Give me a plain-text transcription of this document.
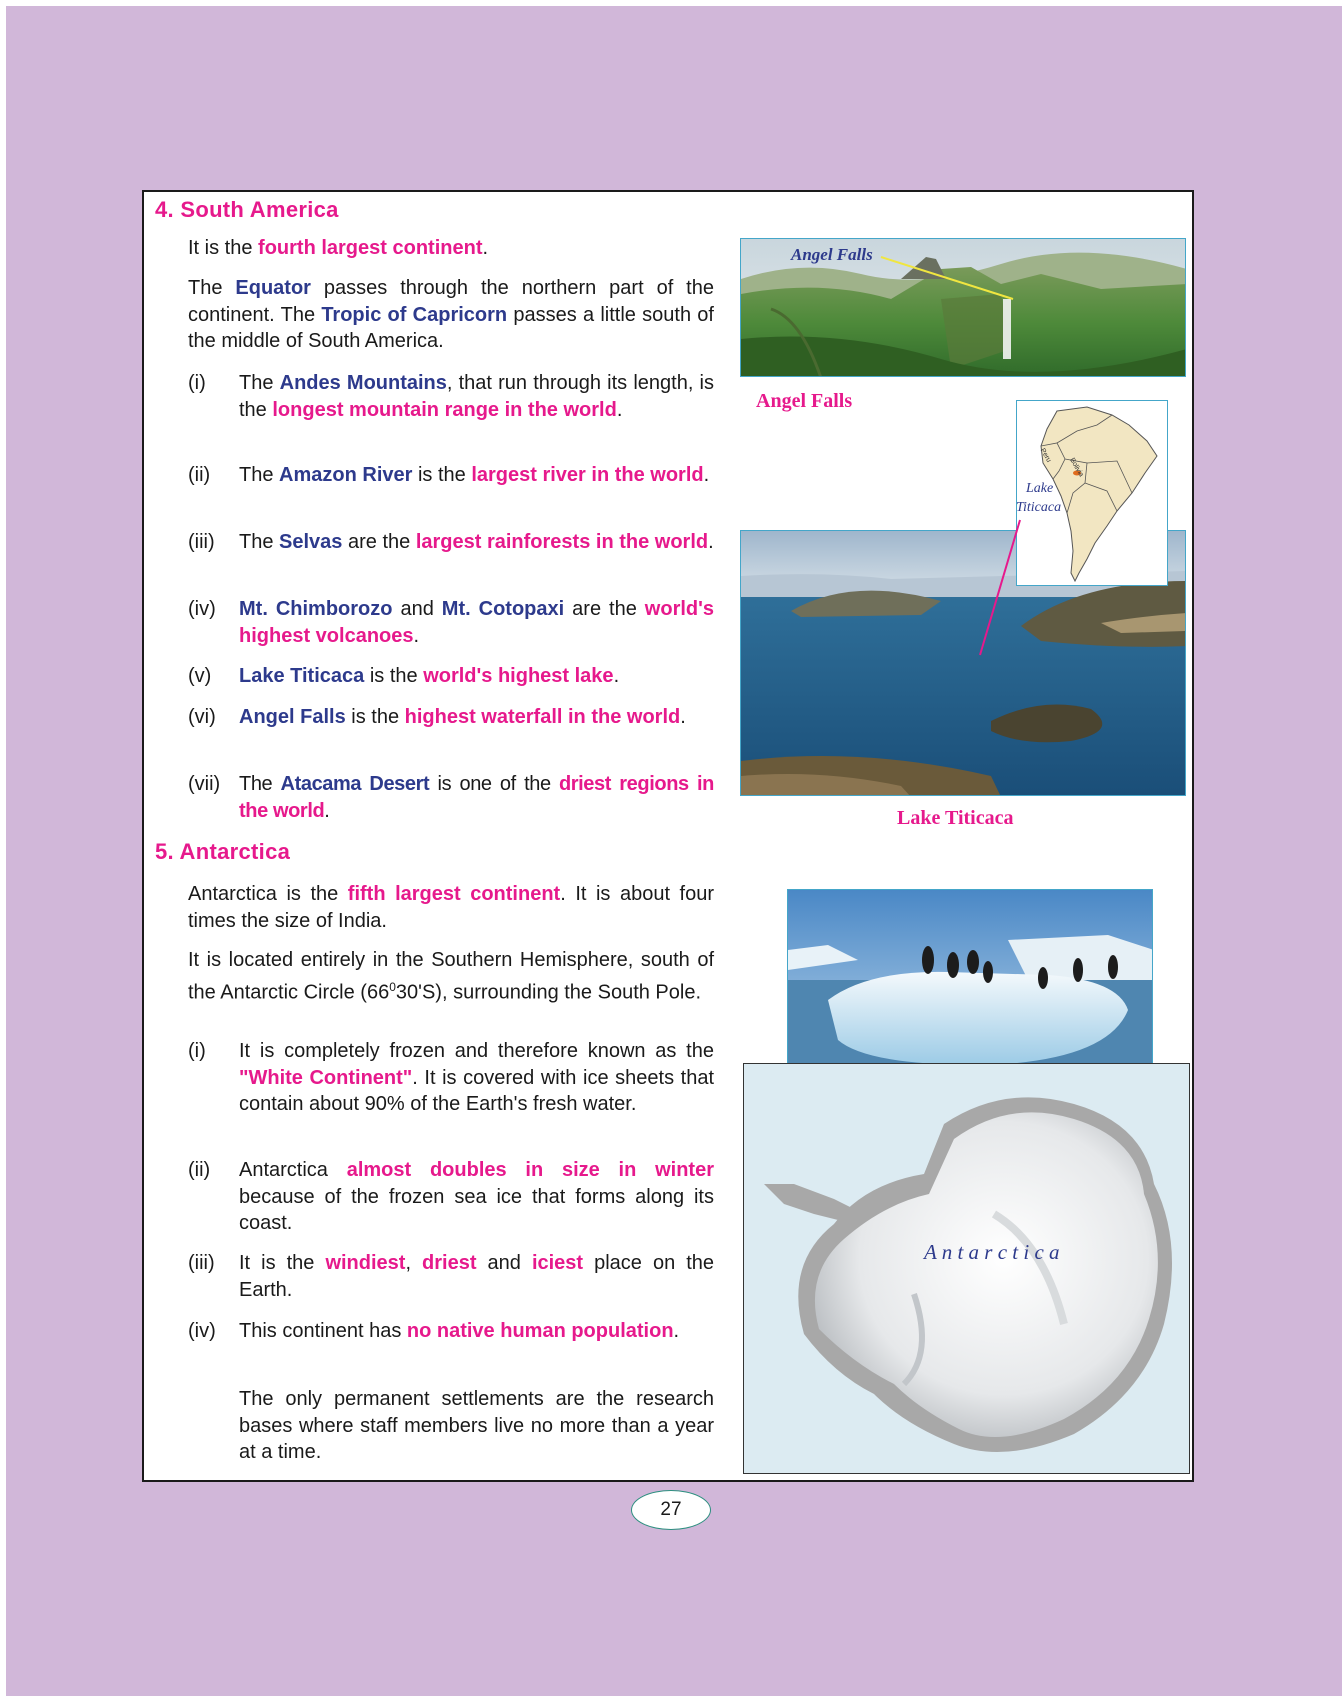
4. South America
It is the fourth largest continent.
The Equator passes through the northern part of the continent. The Tropic of Capricorn passes a little south of the middle of South America.
(i) The Andes Mountains, that run through its length, is the longest mountain range in the world.
(ii) The Amazon River is the largest river in the world.
(iii) The Selvas are the largest rainforests in the world.
(iv) Mt. Chimborozo and Mt. Cotopaxi are the world's highest volcanoes.
(v) Lake Titicaca is the world's highest lake.
(vi) Angel Falls is the highest waterfall in the world.
(vii) The Atacama Desert is one of the driest regions in the world.
5. Antarctica
Antarctica is the fifth largest continent. It is about four times the size of India.
It is located entirely in the Southern Hemisphere, south of the Antarctic Circle $(66^030'S)$, surrounding the South Pole.
(i) It is completely frozen and therefore known as the "White Continent". It is covered with ice sheets that contain about 90% of the Earth's fresh water.
(ii) Antarctica almost doubles in size in winter because of the frozen sea ice that forms along its coast.
(iii) It is the windiest, driest and iciest place on the Earth.
(iv) This continent has no native human population.
The only permanent settlements are the research bases where staff members live no more than a year at a time.
Angel Falls
Angel Falls
Lake Titicaca
Peru
Bolivia
Lake
Titicaca
A n t a r c t i c a
27
